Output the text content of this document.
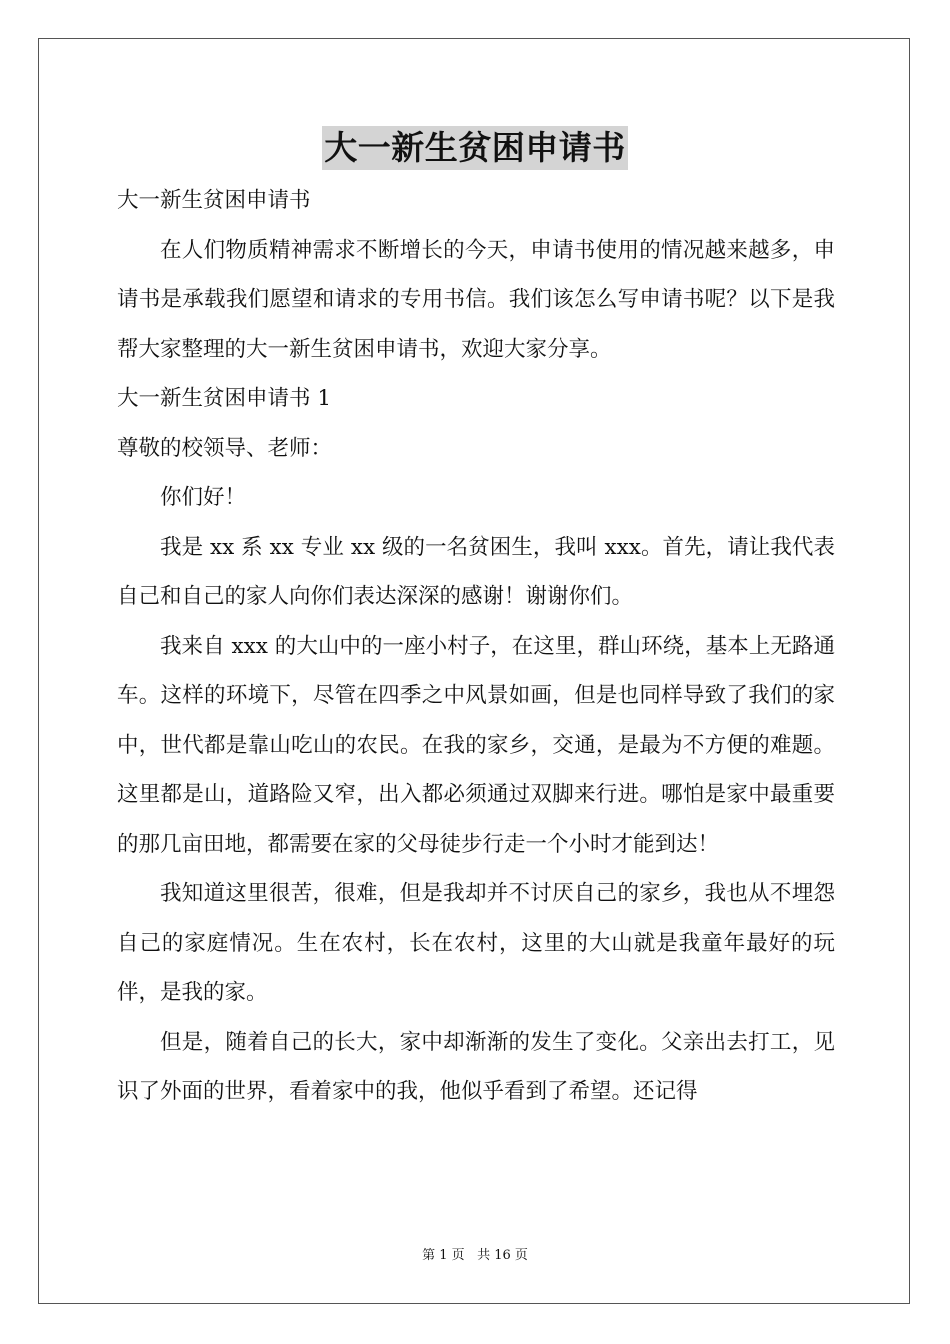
大一新生贫困申请书

大一新生贫困申请书

在人们物质精神需求不断增长的今天，申请书使用的情况越来越多，申请书是承载我们愿望和请求的专用书信。我们该怎么写申请书呢？以下是我帮大家整理的大一新生贫困申请书，欢迎大家分享。

大一新生贫困申请书 1

尊敬的校领导、老师：

你们好！

我是 xx 系 xx 专业 xx 级的一名贫困生，我叫 xxx。首先，请让我代表自己和自己的家人向你们表达深深的感谢！谢谢你们。

我来自 xxx 的大山中的一座小村子，在这里，群山环绕，基本上无路通车。这样的环境下，尽管在四季之中风景如画，但是也同样导致了我们的家中，世代都是靠山吃山的农民。在我的家乡，交通，是最为不方便的难题。这里都是山，道路险又窄，出入都必须通过双脚来行进。哪怕是家中最重要的那几亩田地，都需要在家的父母徒步行走一个小时才能到达！

我知道这里很苦，很难，但是我却并不讨厌自己的家乡，我也从不埋怨自己的家庭情况。生在农村，长在农村，这里的大山就是我童年最好的玩伴，是我的家。

但是，随着自己的长大，家中却渐渐的发生了变化。父亲出去打工，见识了外面的世界，看着家中的我，他似乎看到了希望。还记得

第 1 页 共 16 页
